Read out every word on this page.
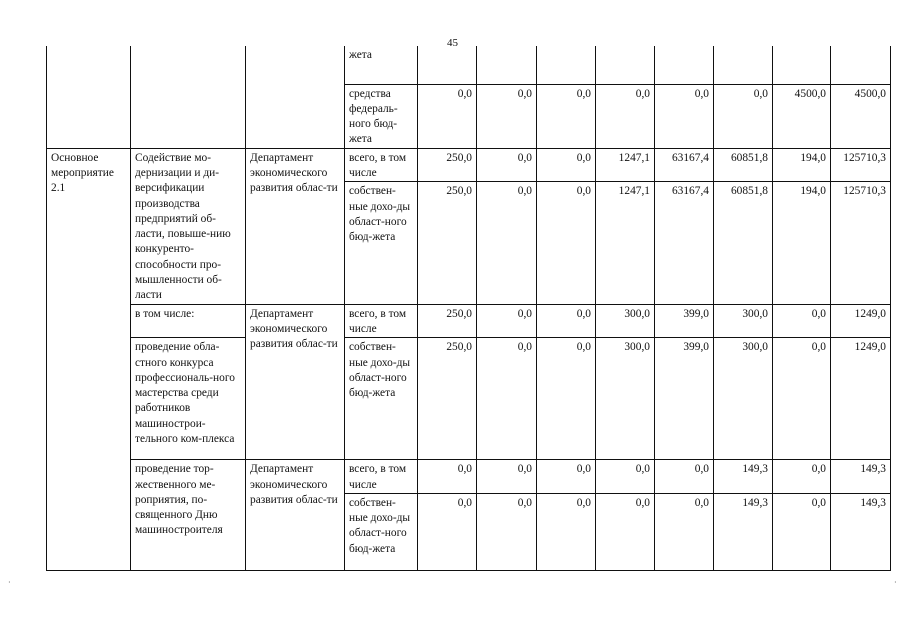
45
			жета								
			средства федераль-ного бюд-жета	0,0	0,0	0,0	0,0	0,0	0,0	4500,0	4500,0
Основное мероприятие 2.1	Содействие мо-дернизации и ди-версификации производства предприятий об-ласти, повыше-нию конкуренто-способности про-мышленности об-ласти	Департамент экономического развития облас-ти	всего, в том числе	250,0	0,0	0,0	1247,1	63167,4	60851,8	194,0	125710,3
			собствен-ные дохо-ды област-ного бюд-жета	250,0	0,0	0,0	1247,1	63167,4	60851,8	194,0	125710,3
	в том числе:	Департамент экономического развития облас-ти	всего, в том числе	250,0	0,0	0,0	300,0	399,0	300,0	0,0	1249,0
	проведение обла-стного конкурса профессиональ-ного мастерства среди работников машинострои-тельного ком-плекса		собствен-ные дохо-ды област-ного бюд-жета	250,0	0,0	0,0	300,0	399,0	300,0	0,0	1249,0
	проведение тор-жественного ме-роприятия, по-священного Дню машиностроителя	Департамент экономического развития облас-ти	всего, в том числе	0,0	0,0	0,0	0,0	0,0	149,3	0,0	149,3
			собствен-ные дохо-ды област-ного бюд-жета	0,0	0,0	0,0	0,0	0,0	149,3	0,0	149,3
·	·
